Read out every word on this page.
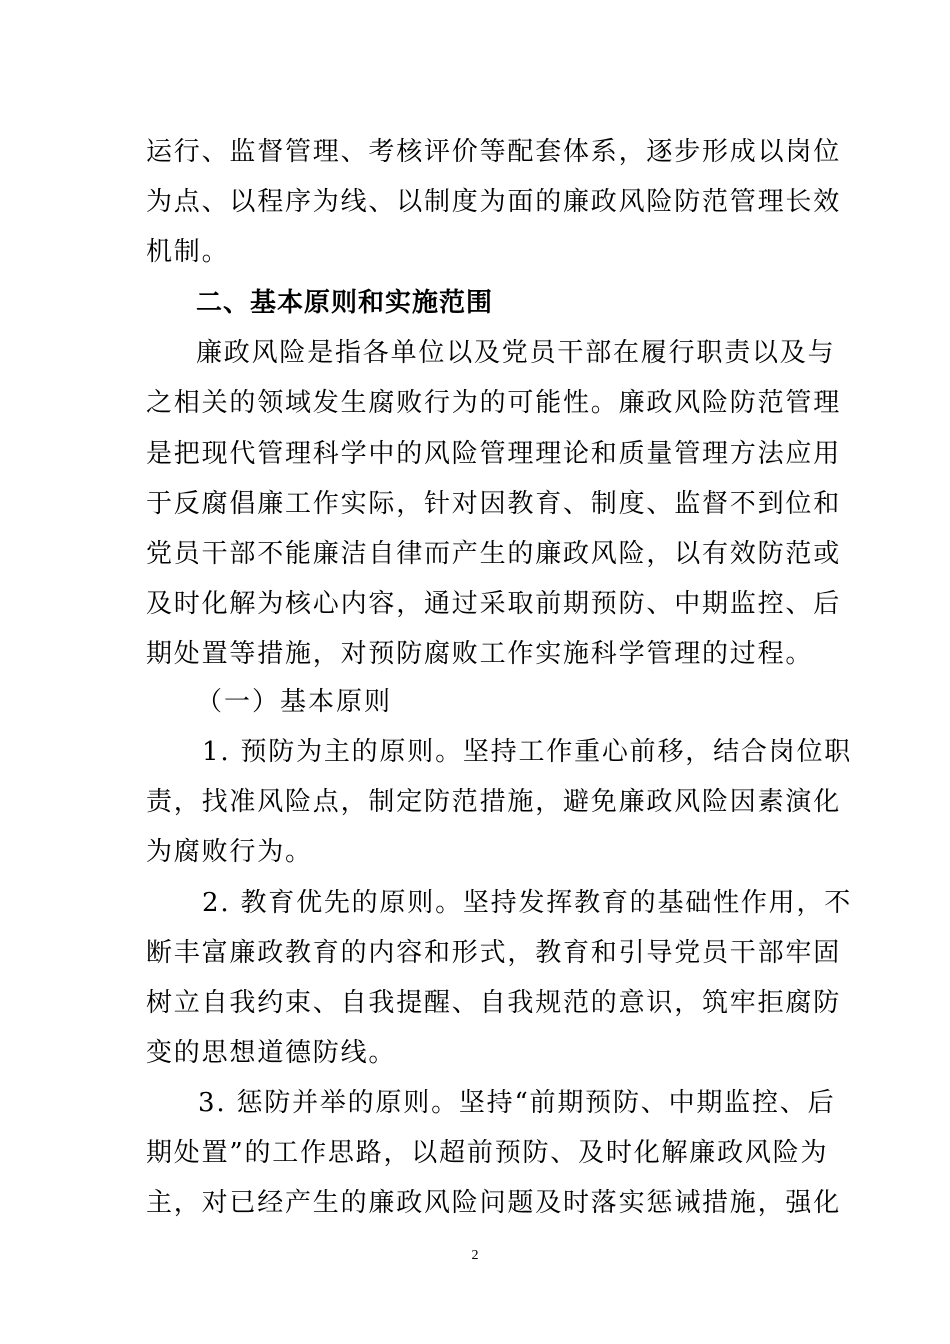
运行、监督管理、考核评价等配套体系，逐步形成以岗位
为点、以程序为线、以制度为面的廉政风险防范管理长效
机制。
二、基本原则和实施范围
廉政风险是指各单位以及党员干部在履行职责以及与
之相关的领域发生腐败行为的可能性。廉政风险防范管理
是把现代管理科学中的风险管理理论和质量管理方法应用
于反腐倡廉工作实际，针对因教育、制度、监督不到位和
党员干部不能廉洁自律而产生的廉政风险，以有效防范或
及时化解为核心内容，通过采取前期预防、中期监控、后
期处置等措施，对预防腐败工作实施科学管理的过程。
（一）基本原则
1. 预防为主的原则。坚持工作重心前移，结合岗位职
责，找准风险点，制定防范措施，避免廉政风险因素演化
为腐败行为。
2. 教育优先的原则。坚持发挥教育的基础性作用，不
断丰富廉政教育的内容和形式，教育和引导党员干部牢固
树立自我约束、自我提醒、自我规范的意识，筑牢拒腐防
变的思想道德防线。
3. 惩防并举的原则。坚持“前期预防、中期监控、后
期处置”的工作思路，以超前预防、及时化解廉政风险为
主，对已经产生的廉政风险问题及时落实惩诫措施，强化
2
